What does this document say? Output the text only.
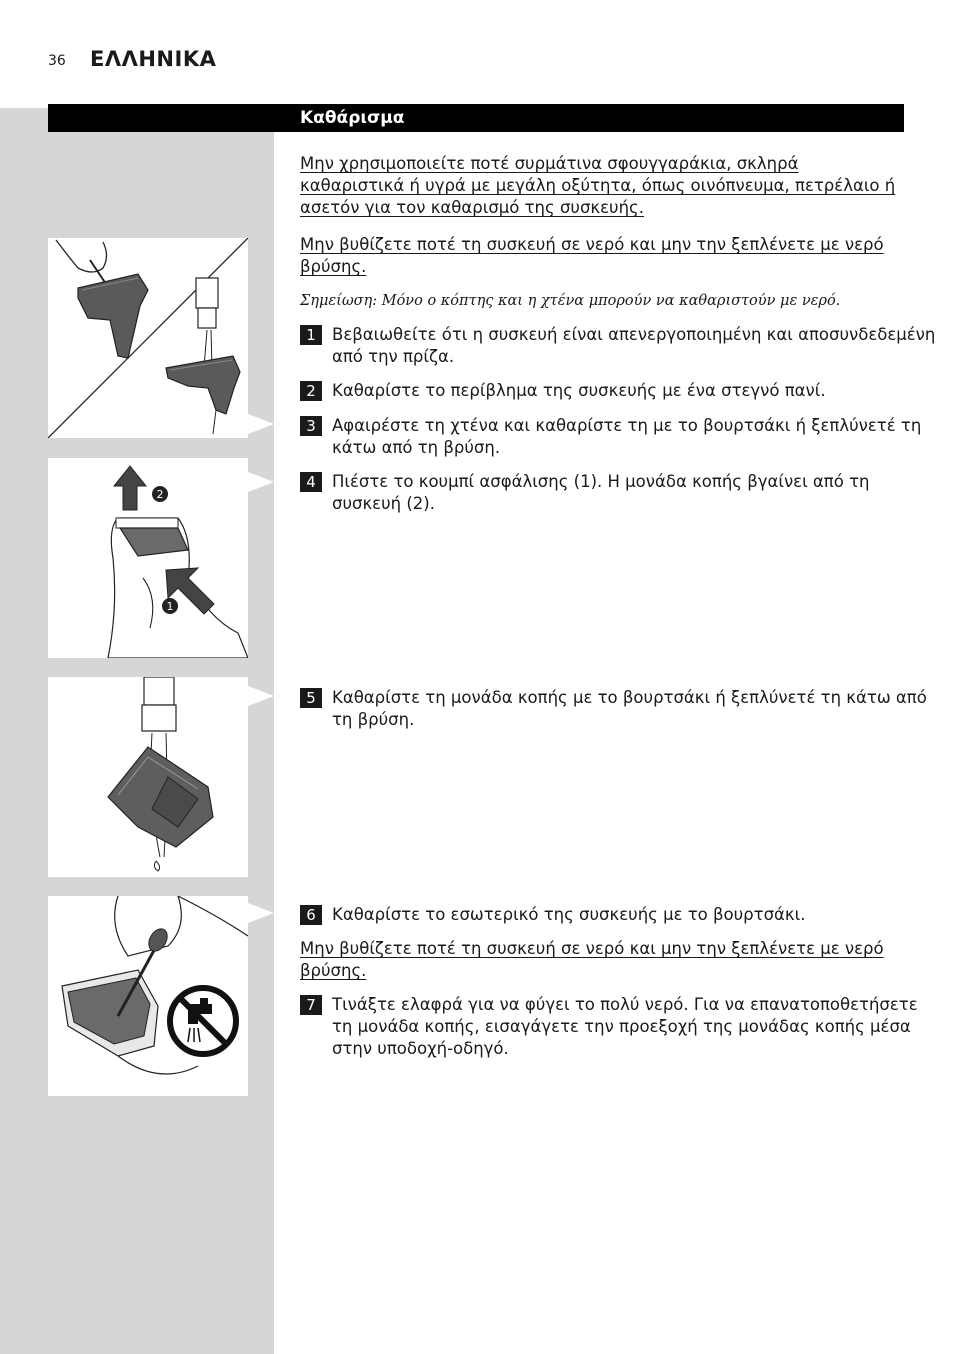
36 ΕΛΛΗΝΙΚΑ
Καθάρισμα
Μην χρησιμοποιείτε ποτέ συρμάτινα σφουγγαράκια, σκληρά καθαριστικά ή υγρά με μεγάλη οξύτητα, όπως οινόπνευμα, πετρέλαιο ή ασετόν για τον καθαρισμό της συσκευής.
Μην βυθίζετε ποτέ τη συσκευή σε νερό και μην την ξεπλένετε με νερό βρύσης.
Σημείωση: Μόνο ο κόπτης και η χτένα μπορούν να καθαριστούν με νερό.
1 Βεβαιωθείτε ότι η συσκευή είναι απενεργοποιημένη και αποσυνδεδεμένη από την πρίζα.
2 Καθαρίστε το περίβλημα της συσκευής με ένα στεγνό πανί.
3 Αφαιρέστε τη χτένα και καθαρίστε τη με το βουρτσάκι ή ξεπλύνετέ τη κάτω από τη βρύση.
4 Πιέστε το κουμπί ασφάλισης (1). Η μονάδα κοπής βγαίνει από τη συσκευή (2).
5 Καθαρίστε τη μονάδα κοπής με το βουρτσάκι ή ξεπλύνετέ τη κάτω από τη βρύση.
6 Καθαρίστε το εσωτερικό της συσκευής με το βουρτσάκι.
Μην βυθίζετε ποτέ τη συσκευή σε νερό και μην την ξεπλένετε με νερό βρύσης.
7 Τινάξτε ελαφρά για να φύγει το πολύ νερό. Για να επανατοποθετήσετε τη μονάδα κοπής, εισαγάγετε την προεξοχή της μονάδας κοπής μέσα στην υποδοχή-οδηγό.
2
1
